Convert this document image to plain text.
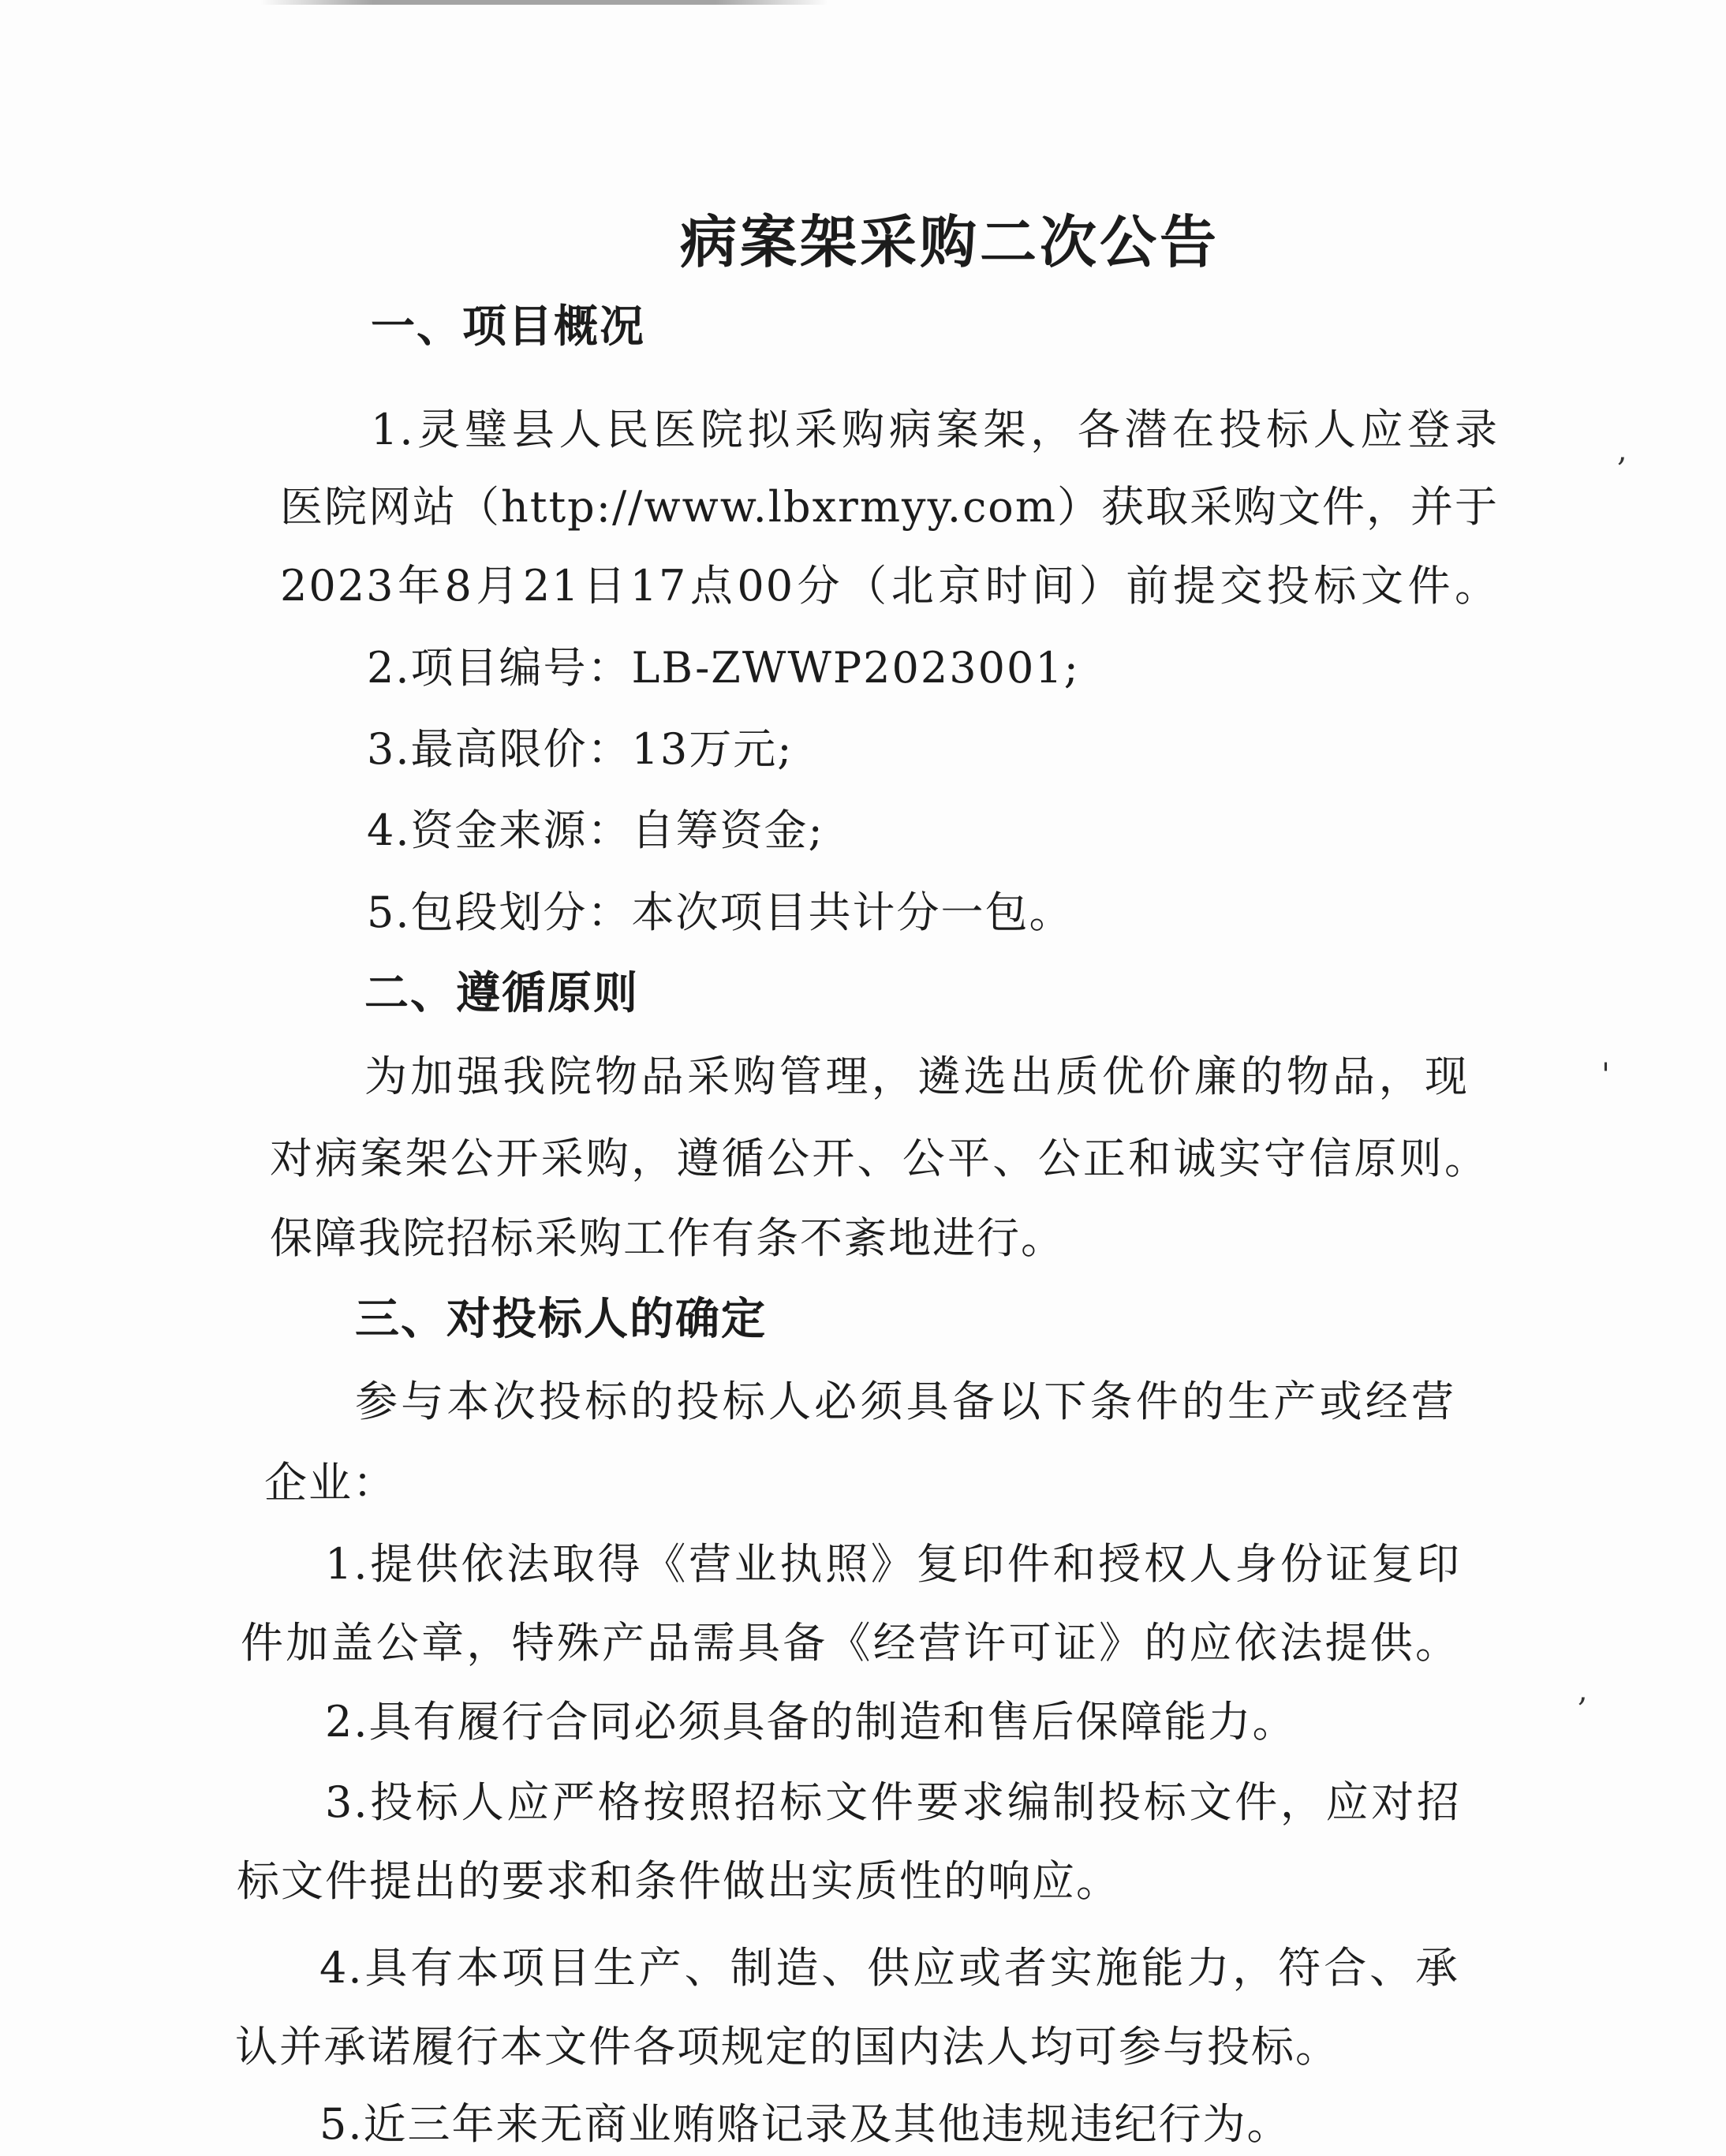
病案架采购二次公告
一、项目概况
1.灵璧县人民医院拟采购病案架，各潜在投标人应登录
医院网站（http://www.lbxrmyy.com）获取采购文件，并于
2023年8月21日17点00分（北京时间）前提交投标文件。
2.项目编号：LB-ZWWP2023001;
3.最高限价：13万元;
4.资金来源：自筹资金;
5.包段划分：本次项目共计分一包。
二、遵循原则
为加强我院物品采购管理，遴选出质优价廉的物品，现
对病案架公开采购，遵循公开、公平、公正和诚实守信原则。
保障我院招标采购工作有条不紊地进行。
三、对投标人的确定
参与本次投标的投标人必须具备以下条件的生产或经营
企业：
1.提供依法取得《营业执照》复印件和授权人身份证复印
件加盖公章，特殊产品需具备《经营许可证》的应依法提供。
2.具有履行合同必须具备的制造和售后保障能力。
3.投标人应严格按照招标文件要求编制投标文件，应对招
标文件提出的要求和条件做出实质性的响应。
4.具有本项目生产、制造、供应或者实施能力，符合、承
认并承诺履行本文件各项规定的国内法人均可参与投标。
5.近三年来无商业贿赂记录及其他违规违纪行为。
,
'
,
